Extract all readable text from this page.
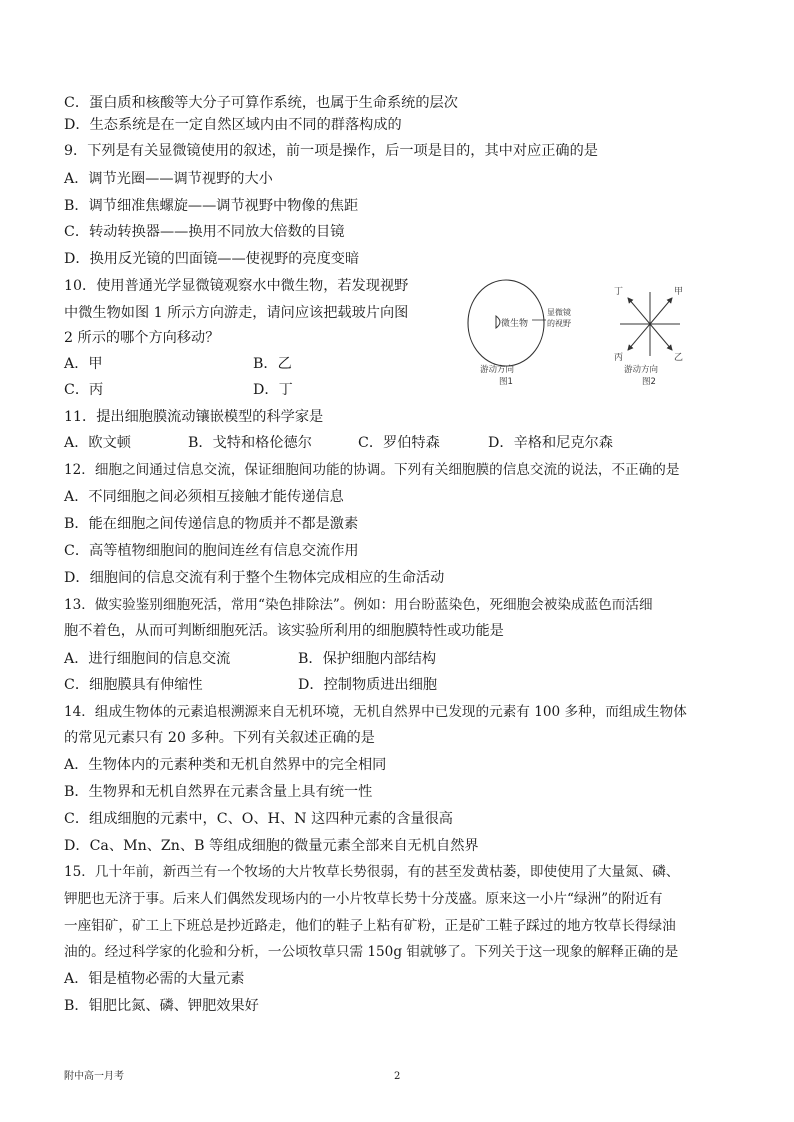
C．蛋白质和核酸等大分子可算作系统，也属于生命系统的层次
D．生态系统是在一定自然区域内由不同的群落构成的
9．下列是有关显微镜使用的叙述，前一项是操作，后一项是目的，其中对应正确的是
A．调节光圈——调节视野的大小
B．调节细准焦螺旋——调节视野中物像的焦距
C．转动转换器——换用不同放大倍数的目镜
D．换用反光镜的凹面镜——使视野的亮度变暗
10．使用普通光学显微镜观察水中微生物，若发现视野
中微生物如图 1 所示方向游走，请问应该把载玻片向图
2 所示的哪个方向移动？
A．甲	B．乙
C．丙	D．丁
微生物
显微镜
的视野
游动方向
图1
丁	甲
丙	乙
游动方向
图2
11．提出细胞膜流动镶嵌模型的科学家是
A．欧文顿	B．戈特和格伦德尔	C．罗伯特森	D．辛格和尼克尔森
12．细胞之间通过信息交流，保证细胞间功能的协调。下列有关细胞膜的信息交流的说法，不正确的是
A．不同细胞之间必须相互接触才能传递信息
B．能在细胞之间传递信息的物质并不都是激素
C．高等植物细胞间的胞间连丝有信息交流作用
D．细胞间的信息交流有利于整个生物体完成相应的生命活动
13．做实验鉴别细胞死活，常用“染色排除法”。例如：用台盼蓝染色，死细胞会被染成蓝色而活细
胞不着色，从而可判断细胞死活。该实验所利用的细胞膜特性或功能是
A．进行细胞间的信息交流	B．保护细胞内部结构
C．细胞膜具有伸缩性	D．控制物质进出细胞
14．组成生物体的元素追根溯源来自无机环境，无机自然界中已发现的元素有 100 多种，而组成生物体
的常见元素只有 20 多种。下列有关叙述正确的是
A．生物体内的元素种类和无机自然界中的完全相同
B．生物界和无机自然界在元素含量上具有统一性
C．组成细胞的元素中，C、O、H、N 这四种元素的含量很高
D．Ca、Mn、Zn、B 等组成细胞的微量元素全部来自无机自然界
15．几十年前，新西兰有一个牧场的大片牧草长势很弱，有的甚至发黄枯萎，即使使用了大量氮、磷、
钾肥也无济于事。后来人们偶然发现场内的一小片牧草长势十分茂盛。原来这一小片“绿洲”的附近有
一座钼矿，矿工上下班总是抄近路走，他们的鞋子上粘有矿粉，正是矿工鞋子踩过的地方牧草长得绿油
油的。经过科学家的化验和分析，一公顷牧草只需 150g 钼就够了。下列关于这一现象的解释正确的是
A．钼是植物必需的大量元素
B．钼肥比氮、磷、钾肥效果好
附中高一月考	2
